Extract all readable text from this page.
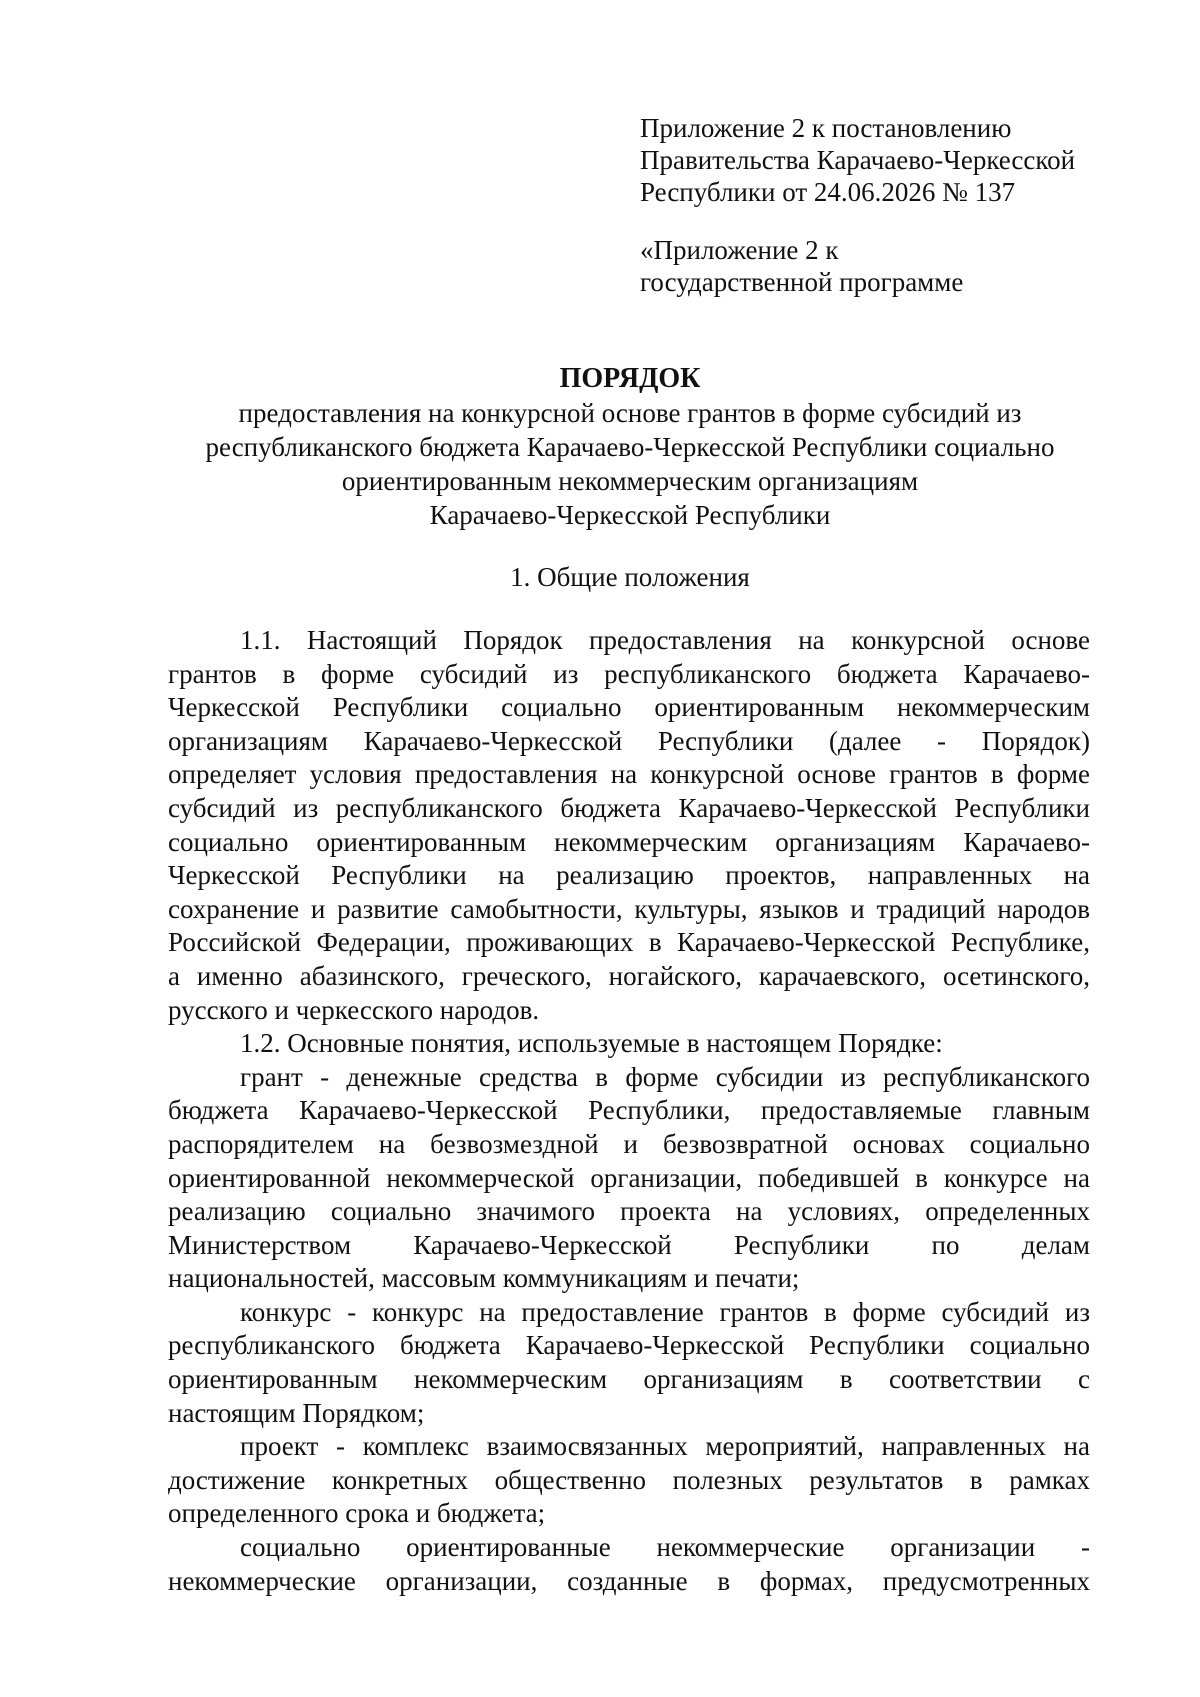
Приложение 2 к постановлению
Правительства Карачаево-Черкесской
Республики от 24.06.2026 № 137
«Приложение 2 к
государственной программе
ПОРЯДОК
предоставления на конкурсной основе грантов в форме субсидий из
республиканского бюджета Карачаево-Черкесской Республики социально
ориентированным некоммерческим организациям
Карачаево-Черкесской Республики
1. Общие положения
1.1. Настоящий Порядок предоставления на конкурсной основе
грантов в форме субсидий из республиканского бюджета Карачаево-
Черкесской Республики социально ориентированным некоммерческим
организациям Карачаево-Черкесской Республики (далее - Порядок)
определяет условия предоставления на конкурсной основе грантов в форме
субсидий из республиканского бюджета Карачаево-Черкесской Республики
социально ориентированным некоммерческим организациям Карачаево-
Черкесской Республики на реализацию проектов, направленных на
сохранение и развитие самобытности, культуры, языков и традиций народов
Российской Федерации, проживающих в Карачаево-Черкесской Республике,
а именно абазинского, греческого, ногайского, карачаевского, осетинского,
русского и черкесского народов.
1.2. Основные понятия, используемые в настоящем Порядке:
грант - денежные средства в форме субсидии из республиканского
бюджета Карачаево-Черкесской Республики, предоставляемые главным
распорядителем на безвозмездной и безвозвратной основах социально
ориентированной некоммерческой организации, победившей в конкурсе на
реализацию социально значимого проекта на условиях, определенных
Министерством Карачаево-Черкесской Республики по делам
национальностей, массовым коммуникациям и печати;
конкурс - конкурс на предоставление грантов в форме субсидий из
республиканского бюджета Карачаево-Черкесской Республики социально
ориентированным некоммерческим организациям в соответствии с
настоящим Порядком;
проект - комплекс взаимосвязанных мероприятий, направленных на
достижение конкретных общественно полезных результатов в рамках
определенного срока и бюджета;
социально ориентированные некоммерческие организации -
некоммерческие организации, созданные в формах, предусмотренных
